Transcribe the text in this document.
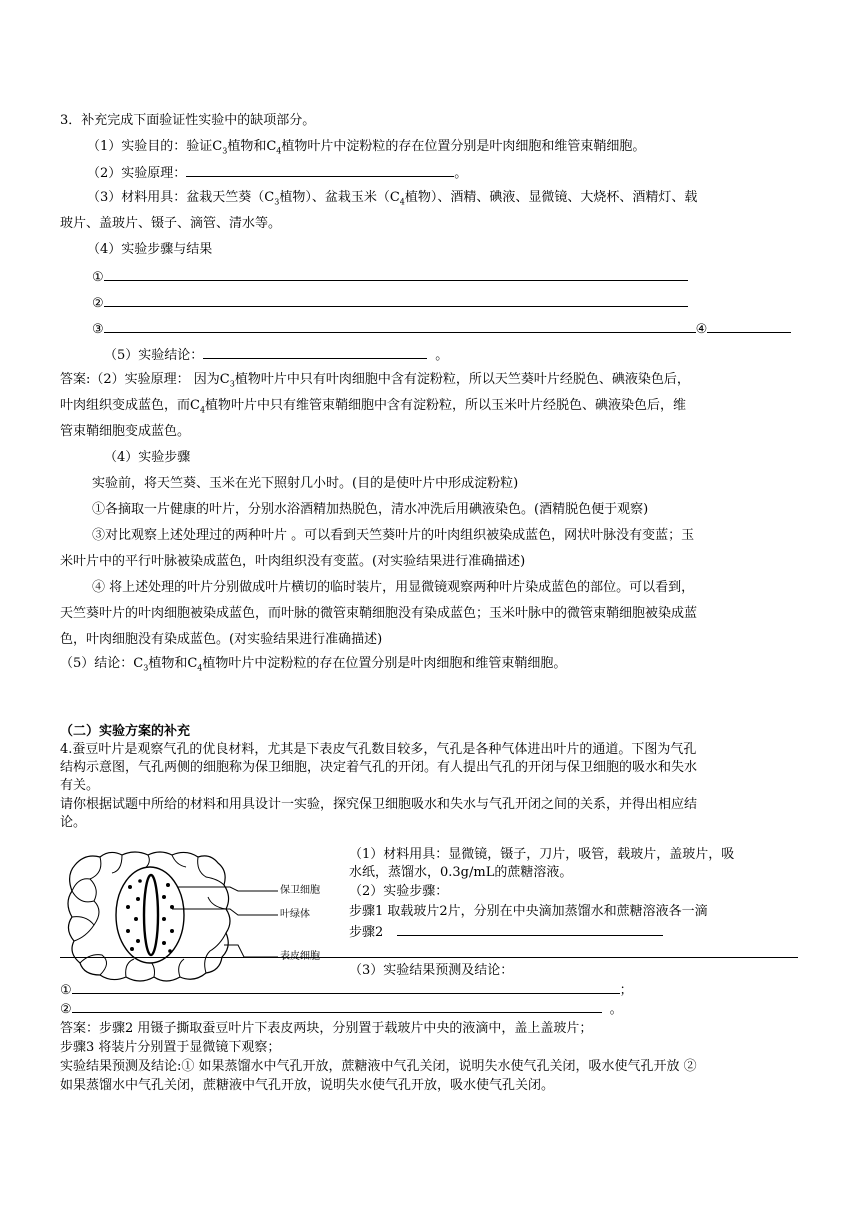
3．补充完成下面验证性实验中的缺项部分。
（1）实验目的：验证$C_3$植物和$C_4$植物叶片中淀粉粒的存在位置分别是叶肉细胞和维管束鞘细胞。
（2）实验原理：	。
（3）材料用具：盆栽天竺葵（$C_3$植物）、盆栽玉米（$C_4$植物）、酒精、碘液、显微镜、大烧杯、酒精灯、载
玻片、盖玻片、镊子、滴管、清水等。
（4）实验步骤与结果
①
②
③	④
（5）实验结论：	。
答案:（2）实验原理： 因为$C_3$植物叶片中只有叶肉细胞中含有淀粉粒，所以天竺葵叶片经脱色、碘液染色后，
叶肉组织变成蓝色，而$C_4$植物叶片中只有维管束鞘细胞中含有淀粉粒，所以玉米叶片经脱色、碘液染色后，维
管束鞘细胞变成蓝色。
（4）实验步骤
实验前，将天竺葵、玉米在光下照射几小时。(目的是使叶片中形成淀粉粒)
①各摘取一片健康的叶片，分别水浴酒精加热脱色，清水冲洗后用碘液染色。(酒精脱色便于观察)
③对比观察上述处理过的两种叶片 。可以看到天竺葵叶片的叶肉组织被染成蓝色，网状叶脉没有变蓝；玉
米叶片中的平行叶脉被染成蓝色，叶肉组织没有变蓝。(对实验结果进行准确描述)
④ 将上述处理的叶片分别做成叶片横切的临时装片，用显微镜观察两种叶片染成蓝色的部位。可以看到，
天竺葵叶片的叶肉细胞被染成蓝色，而叶脉的微管束鞘细胞没有染成蓝色；玉米叶脉中的微管束鞘细胞被染成蓝
色，叶肉细胞没有染成蓝色。(对实验结果进行准确描述)
（5）结论：$C_3$植物和$C_4$植物叶片中淀粉粒的存在位置分别是叶肉细胞和维管束鞘细胞。
（二）实验方案的补充
4.蚕豆叶片是观察气孔的优良材料，尤其是下表皮气孔数目较多，气孔是各种气体进出叶片的通道。下图为气孔
结构示意图，气孔两侧的细胞称为保卫细胞，决定着气孔的开闭。有人提出气孔的开闭与保卫细胞的吸水和失水
有关。
请你根据试题中所给的材料和用具设计一实验，探究保卫细胞吸水和失水与气孔开闭之间的关系，并得出相应结
论。
保卫细胞
叶绿体
表皮细胞
（1）材料用具：显微镜，镊子，刀片，吸管，载玻片，盖玻片，吸
水纸，蒸馏水，0.3g/mL的蔗糖溶液。
（2）实验步骤：
步骤1 取载玻片2片，分别在中央滴加蒸馏水和蔗糖溶液各一滴
步骤2
（3）实验结果预测及结论：
①	；
②	。
答案：步骤2 用镊子撕取蚕豆叶片下表皮两块，分别置于载玻片中央的液滴中，盖上盖玻片；
步骤3 将装片分别置于显微镜下观察；
实验结果预测及结论:① 如果蒸馏水中气孔开放，蔗糖液中气孔关闭，说明失水使气孔关闭，吸水使气孔开放 ②
如果蒸馏水中气孔关闭，蔗糖液中气孔开放，说明失水使气孔开放，吸水使气孔关闭。
